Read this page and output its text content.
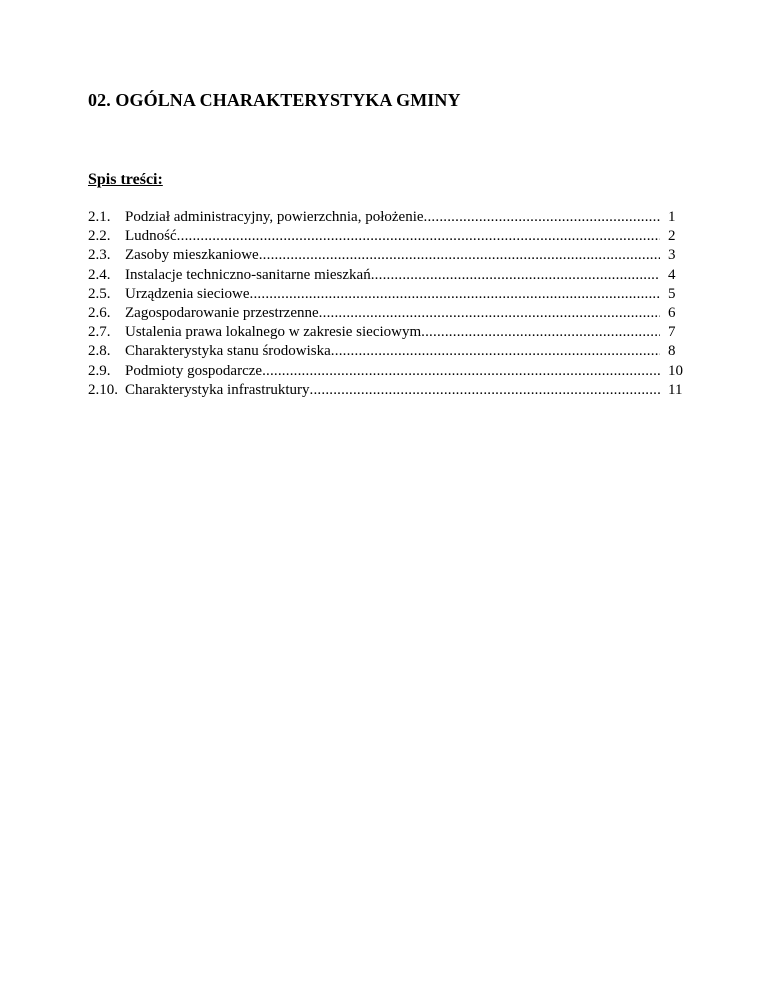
02. OGÓLNA CHARAKTERYSTYKA GMINY
Spis treści:
2.1. Podział administracyjny, powierzchnia, położenie .....	1
2.2. Ludność .....	2
2.3. Zasoby mieszkaniowe .....	3
2.4. Instalacje techniczno-sanitarne mieszkań .....	4
2.5. Urządzenia sieciowe .....	5
2.6. Zagospodarowanie przestrzenne .....	6
2.7. Ustalenia prawa lokalnego w zakresie sieciowym .....	7
2.8. Charakterystyka stanu środowiska .....	8
2.9. Podmioty gospodarcze .....	10
2.10. Charakterystyka infrastruktury .....	11
